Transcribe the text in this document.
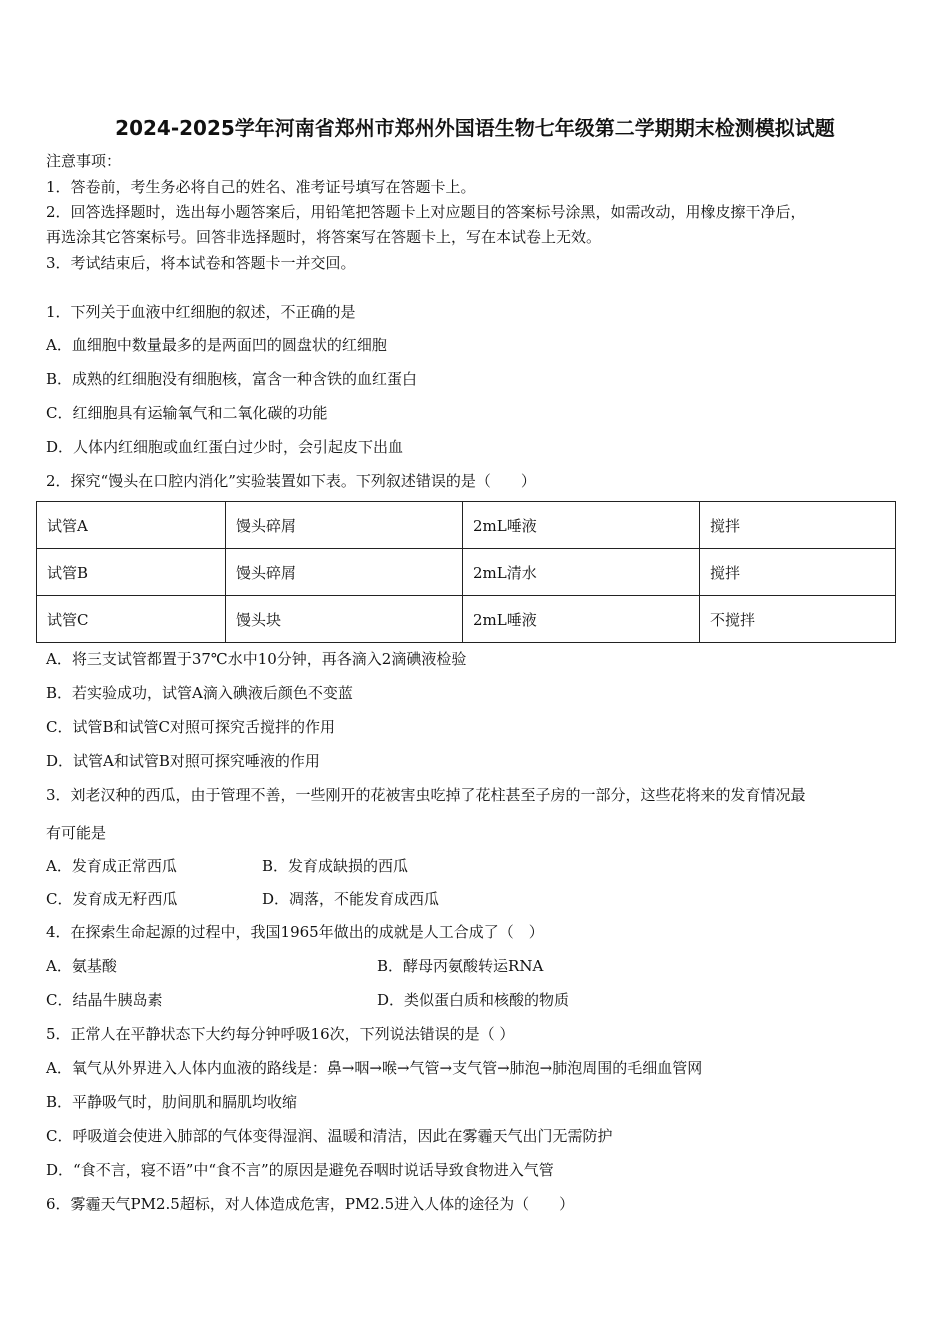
2024-2025学年河南省郑州市郑州外国语生物七年级第二学期期末检测模拟试题
注意事项：
1．答卷前，考生务必将自己的姓名、准考证号填写在答题卡上。
2．回答选择题时，选出每小题答案后，用铅笔把答题卡上对应题目的答案标号涂黑，如需改动，用橡皮擦干净后，
再选涂其它答案标号。回答非选择题时，将答案写在答题卡上，写在本试卷上无效。
3．考试结束后，将本试卷和答题卡一并交回。
1．下列关于血液中红细胞的叙述，不正确的是
A．血细胞中数量最多的是两面凹的圆盘状的红细胞
B．成熟的红细胞没有细胞核，富含一种含铁的血红蛋白
C．红细胞具有运输氧气和二氧化碳的功能
D．人体内红细胞或血红蛋白过少时，会引起皮下出血
2．探究“馒头在口腔内消化”实验装置如下表。下列叙述错误的是（　　）
试管A	馒头碎屑	2mL唾液	搅拌
试管B	馒头碎屑	2mL清水	搅拌
试管C	馒头块	2mL唾液	不搅拌
A．将三支试管都置于37℃水中10分钟，再各滴入2滴碘液检验
B．若实验成功，试管A滴入碘液后颜色不变蓝
C．试管B和试管C对照可探究舌搅拌的作用
D．试管A和试管B对照可探究唾液的作用
3．刘老汉种的西瓜，由于管理不善，一些刚开的花被害虫吃掉了花柱甚至子房的一部分，这些花将来的发育情况最
有可能是
A．发育成正常西瓜	B．发育成缺损的西瓜
C．发育成无籽西瓜	D．凋落，不能发育成西瓜
4．在探索生命起源的过程中，我国1965年做出的成就是人工合成了（　）
A．氨基酸	B．酵母丙氨酸转运RNA
C．结晶牛胰岛素	D．类似蛋白质和核酸的物质
5．正常人在平静状态下大约每分钟呼吸16次，下列说法错误的是（ ）
A．氧气从外界进入人体内血液的路线是：鼻→咽→喉→气管→支气管→肺泡→肺泡周围的毛细血管网
B．平静吸气时，肋间肌和膈肌均收缩
C．呼吸道会使进入肺部的气体变得湿润、温暖和清洁，因此在雾霾天气出门无需防护
D．“食不言，寝不语”中“食不言”的原因是避免吞咽时说话导致食物进入气管
6．雾霾天气PM2.5超标，对人体造成危害，PM2.5进入人体的途径为（　　）
